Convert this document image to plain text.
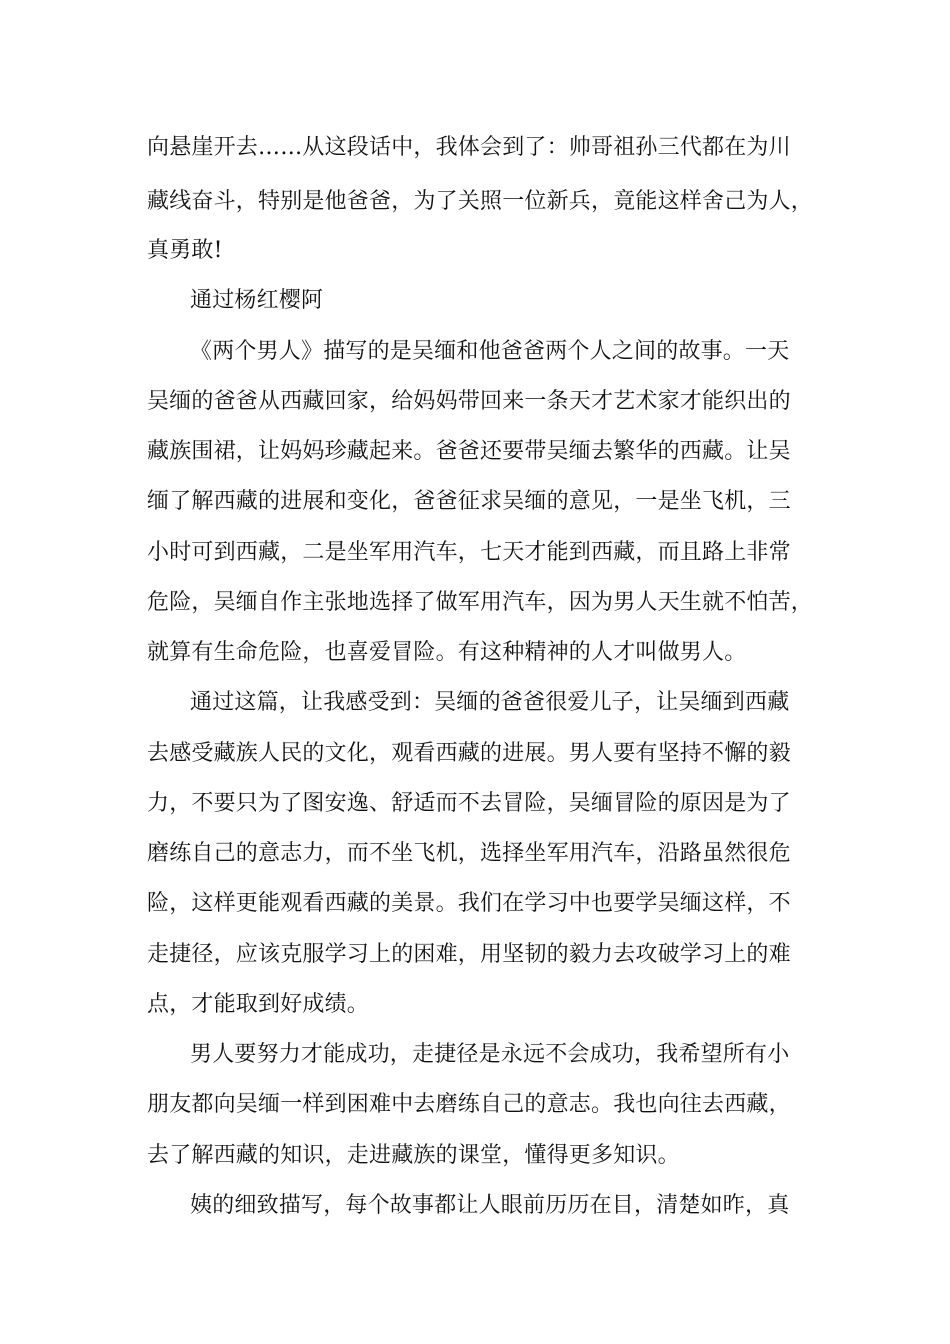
向悬崖开去……从这段话中，我体会到了：帅哥祖孙三代都在为川
藏线奋斗，特别是他爸爸，为了关照一位新兵，竟能这样舍己为人，
真勇敢!
通过杨红樱阿
《两个男人》描写的是吴缅和他爸爸两个人之间的故事。一天
吴缅的爸爸从西藏回家，给妈妈带回来一条天才艺术家才能织出的
藏族围裙，让妈妈珍藏起来。爸爸还要带吴缅去繁华的西藏。让吴
缅了解西藏的进展和变化，爸爸征求吴缅的意见，一是坐飞机，三
小时可到西藏，二是坐军用汽车，七天才能到西藏，而且路上非常
危险，吴缅自作主张地选择了做军用汽车，因为男人天生就不怕苦，
就算有生命危险，也喜爱冒险。有这种精神的人才叫做男人。
通过这篇，让我感受到：吴缅的爸爸很爱儿子，让吴缅到西藏
去感受藏族人民的文化，观看西藏的进展。男人要有坚持不懈的毅
力，不要只为了图安逸、舒适而不去冒险，吴缅冒险的原因是为了
磨练自己的意志力，而不坐飞机，选择坐军用汽车，沿路虽然很危
险，这样更能观看西藏的美景。我们在学习中也要学吴缅这样，不
走捷径，应该克服学习上的困难，用坚韧的毅力去攻破学习上的难
点，才能取到好成绩。
男人要努力才能成功，走捷径是永远不会成功，我希望所有小
朋友都向吴缅一样到困难中去磨练自己的意志。我也向往去西藏，
去了解西藏的知识，走进藏族的课堂，懂得更多知识。
姨的细致描写，每个故事都让人眼前历历在目，清楚如昨，真
